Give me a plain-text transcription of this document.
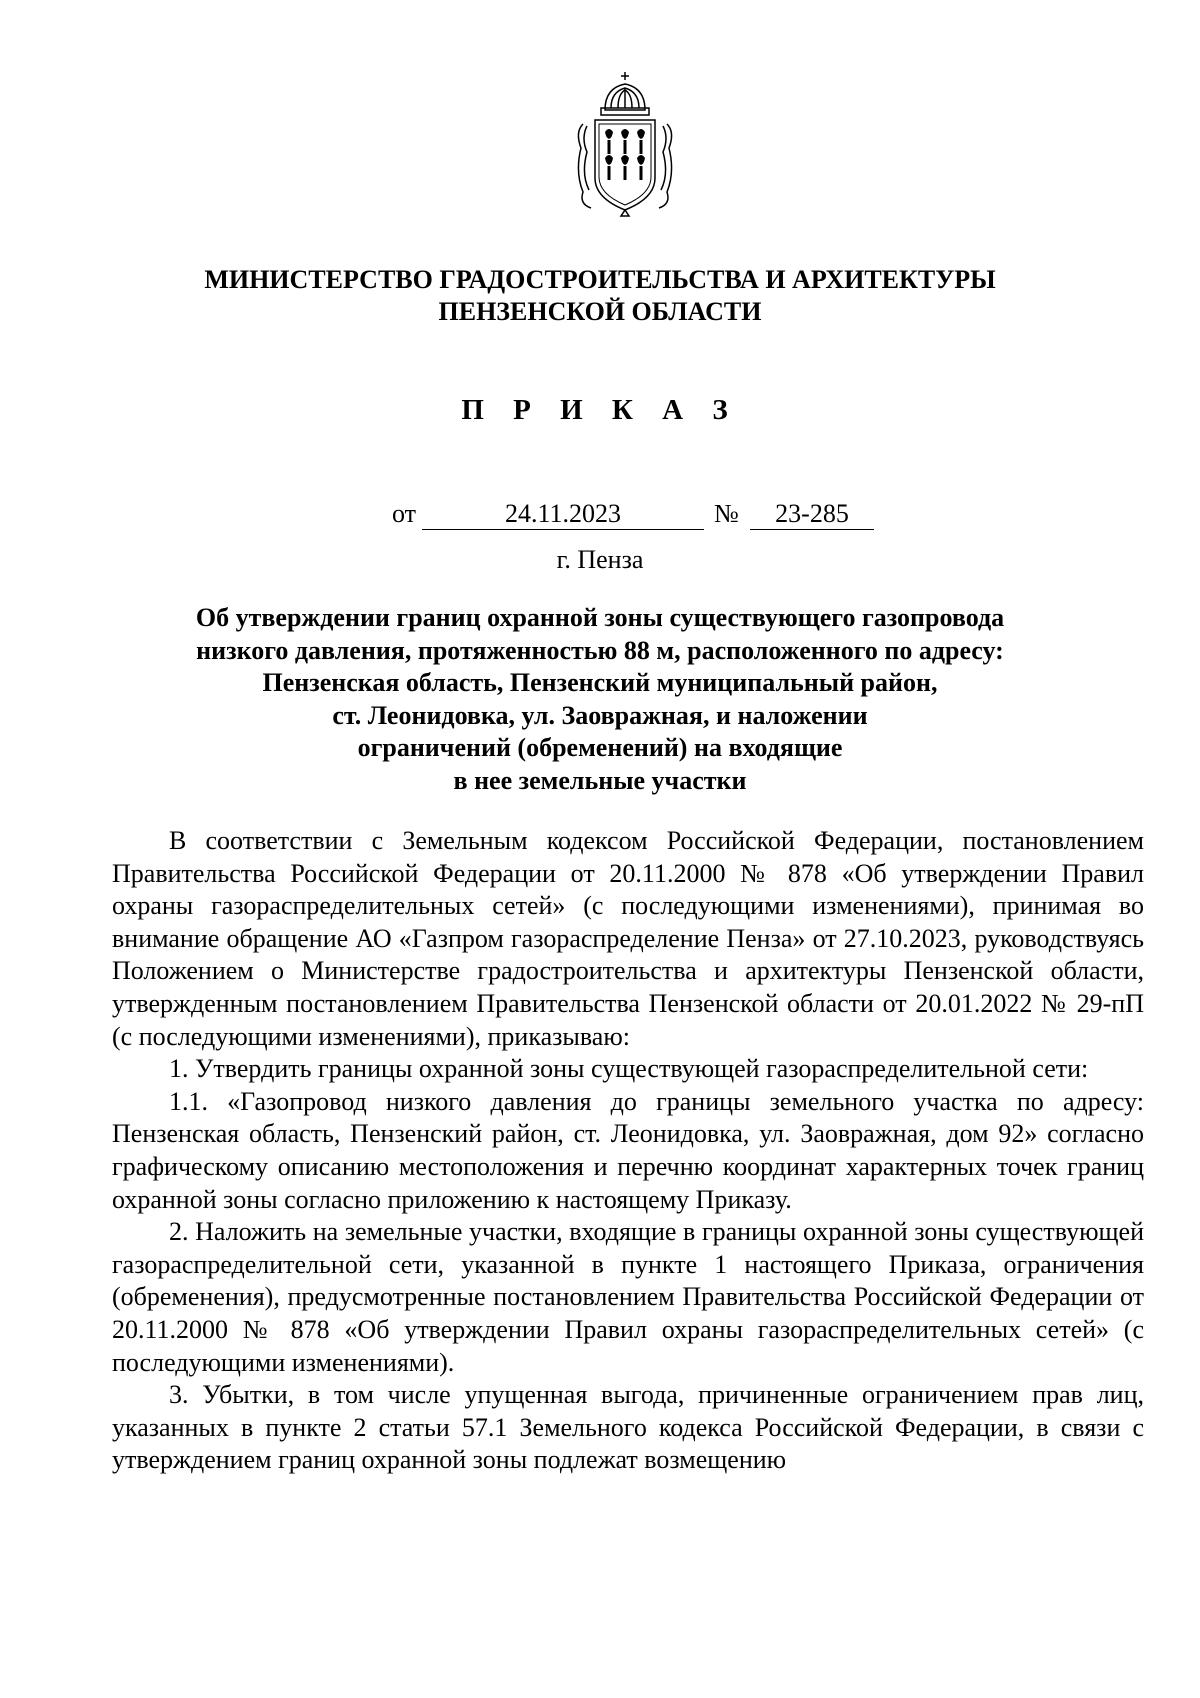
МИНИСТЕРСТВО ГРАДОСТРОИТЕЛЬСТВА И АРХИТЕКТУРЫ
ПЕНЗЕНСКОЙ ОБЛАСТИ
П Р И К А З
от	24.11.2023	№	23-285
г. Пенза
Об утверждении границ охранной зоны существующего газопровода
низкого давления, протяженностью 88 м, расположенного по адресу:
Пензенская область, Пензенский муниципальный район,
ст. Леонидовка, ул. Заовражная, и наложении
ограничений (обременений) на входящие
в нее земельные участки

В соответствии с Земельным кодексом Российской Федерации, постановлением Правительства Российской Федерации от 20.11.2000 № 878 «Об утверждении Правил охраны газораспределительных сетей» (с последующими изменениями), принимая во внимание обращение АО «Газпром газораспределение Пенза» от 27.10.2023, руководствуясь Положением о Министерстве градостроительства и архитектуры Пензенской области, утвержденным постановлением Правительства Пензенской области от 20.01.2022 № 29-пП (с последующими изменениями), приказываю:

1. Утвердить границы охранной зоны существующей газораспределительной сети:

1.1. «Газопровод низкого давления до границы земельного участка по адресу: Пензенская область, Пензенский район, ст. Леонидовка, ул. Заовражная, дом 92» согласно графическому описанию местоположения и перечню координат характерных точек границ охранной зоны согласно приложению к настоящему Приказу.

2. Наложить на земельные участки, входящие в границы охранной зоны существующей газораспределительной сети, указанной в пункте 1 настоящего Приказа, ограничения (обременения), предусмотренные постановлением Правительства Российской Федерации от 20.11.2000 № 878 «Об утверждении Правил охраны газораспределительных сетей» (с последующими изменениями).

3. Убытки, в том числе упущенная выгода, причиненные ограничением прав лиц, указанных в пункте 2 статьи 57.1 Земельного кодекса Российской Федерации, в связи с утверждением границ охранной зоны подлежат возмещению
